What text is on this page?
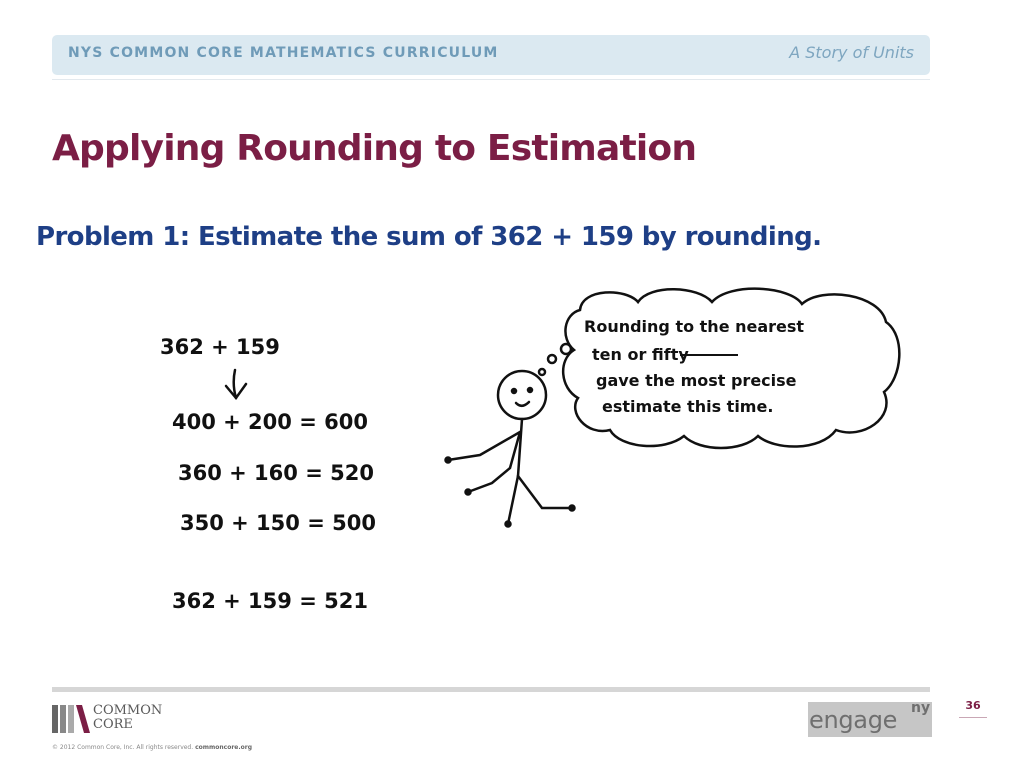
NYS COMMON CORE MATHEMATICS CURRICULUM	A Story of Units
Applying Rounding to Estimation
Problem 1: Estimate the sum of 362 + 159 by rounding.
362 + 159
400 + 200 = 600
360 + 160 = 520
350 + 150 = 500
362 + 159 = 521
Rounding to the nearest
ten or fifty
gave the most precise
estimate this time.
COMMON
CORE
© 2012 Common Core, Inc. All rights reserved. commoncore.org
engage ny	36
